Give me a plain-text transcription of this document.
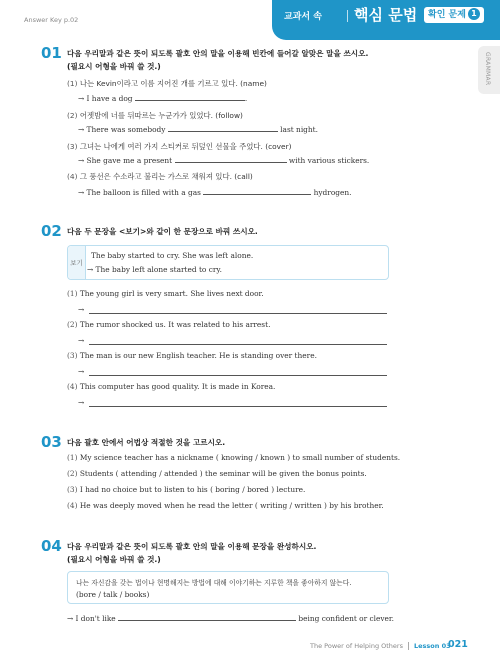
Answer Key p.02	교과서 속 핵심 문법	확인 문제 1
GRAMMAR
01 다음 우리말과 같은 뜻이 되도록 괄호 안의 말을 이용해 빈칸에 들어갈 알맞은 말을 쓰시오.
(필요시 어형을 바꿔 쓸 것.)
(1) 나는 Kevin이라고 이름 지어진 개를 기르고 있다. (name)
→ I have a dog	.
(2) 어젯밤에 너를 뒤따르는 누군가가 있었다. (follow)
→ There was somebody	last night.
(3) 그녀는 나에게 여러 가지 스티커로 뒤덮인 선물을 주었다. (cover)
→ She gave me a present	with various stickers.
(4) 그 풍선은 수소라고 불리는 가스로 채워져 있다. (call)
→ The balloon is filled with a gas	hydrogen.
02 다음 두 문장을 <보기>와 같이 한 문장으로 바꿔 쓰시오.
보기
The baby started to cry. She was left alone.
→ The baby left alone started to cry.
(1) The young girl is very smart. She lives next door.
→
(2) The rumor shocked us. It was related to his arrest.
→
(3) The man is our new English teacher. He is standing over there.
→
(4) This computer has good quality. It is made in Korea.
→
03 다음 괄호 안에서 어법상 적절한 것을 고르시오.
(1) My science teacher has a nickname ( knowing / known ) to small number of students.
(2) Students ( attending / attended ) the seminar will be given the bonus points.
(3) I had no choice but to listen to his ( boring / bored ) lecture.
(4) He was deeply moved when he read the letter ( writing / written ) by his brother.
04 다음 우리말과 같은 뜻이 되도록 괄호 안의 말을 이용해 문장을 완성하시오.
(필요시 어형을 바꿔 쓸 것.)
나는 자신감을 갖는 법이나 현명해지는 방법에 대해 이야기하는 지루한 책을 좋아하지 않는다.
(bore / talk / books)
→ I don't like	being confident or clever.
The Power of Helping Others Lesson 03
021
